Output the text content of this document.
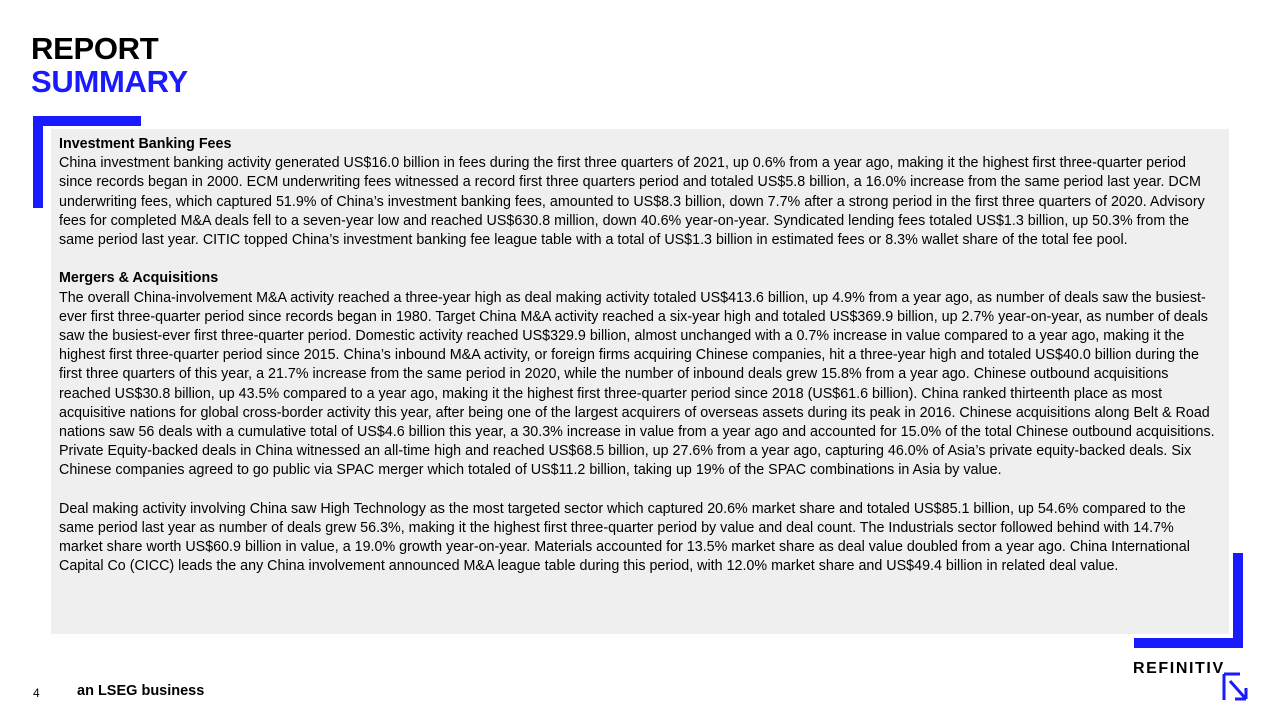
REPORT
SUMMARY
Investment Banking Fees

China investment banking activity generated US$16.0 billion in fees during the first three quarters of 2021, up 0.6% from a year ago, making it the highest first three-quarter period since records began in 2000. ECM underwriting fees witnessed a record first three quarters period and totaled US$5.8 billion, a 16.0% increase from the same period last year. DCM underwriting fees, which captured 51.9% of China’s investment banking fees, amounted to US$8.3 billion, down 7.7% after a strong period in the first three quarters of 2020. Advisory fees for completed M&A deals fell to a seven-year low and reached US$630.8 million, down 40.6% year-on-year. Syndicated lending fees totaled US$1.3 billion, up 50.3% from the same period last year. CITIC topped China’s investment banking fee league table with a total of US$1.3 billion in estimated fees or 8.3% wallet share of the total fee pool.

Mergers & Acquisitions

The overall China-involvement M&A activity reached a three-year high as deal making activity totaled US$413.6 billion, up 4.9% from a year ago, as number of deals saw the busiest-ever first three-quarter period since records began in 1980. Target China M&A activity reached a six-year high and totaled US$369.9 billion, up 2.7% year-on-year, as number of deals saw the busiest-ever first three-quarter period. Domestic activity reached US$329.9 billion, almost unchanged with a 0.7% increase in value compared to a year ago, making it the highest first three-quarter period since 2015. China’s inbound M&A activity, or foreign firms acquiring Chinese companies, hit a three-year high and totaled US$40.0 billion during the first three quarters of this year, a 21.7% increase from the same period in 2020, while the number of inbound deals grew 15.8% from a year ago. Chinese outbound acquisitions reached US$30.8 billion, up 43.5% compared to a year ago, making it the highest first three-quarter period since 2018 (US$61.6 billion). China ranked thirteenth place as most acquisitive nations for global cross-border activity this year, after being one of the largest acquirers of overseas assets during its peak in 2016. Chinese acquisitions along Belt & Road nations saw 56 deals with a cumulative total of US$4.6 billion this year, a 30.3% increase in value from a year ago and accounted for 15.0% of the total Chinese outbound acquisitions. Private Equity-backed deals in China witnessed an all-time high and reached US$68.5 billion, up 27.6% from a year ago, capturing 46.0% of Asia’s private equity-backed deals. Six Chinese companies agreed to go public via SPAC merger which totaled of US$11.2 billion, taking up 19% of the SPAC combinations in Asia by value.

Deal making activity involving China saw High Technology as the most targeted sector which captured 20.6% market share and totaled US$85.1 billion, up 54.6% compared to the same period last year as number of deals grew 56.3%, making it the highest first three-quarter period by value and deal count. The Industrials sector followed behind with 14.7% market share worth US$60.9 billion in value, a 19.0% growth year-on-year. Materials accounted for 13.5% market share as deal value doubled from a year ago. China International Capital Co (CICC) leads the any China involvement announced M&A league table during this period, with 12.0% market share and US$49.4 billion in related deal value.

4	an LSEG business
REFINITIV
